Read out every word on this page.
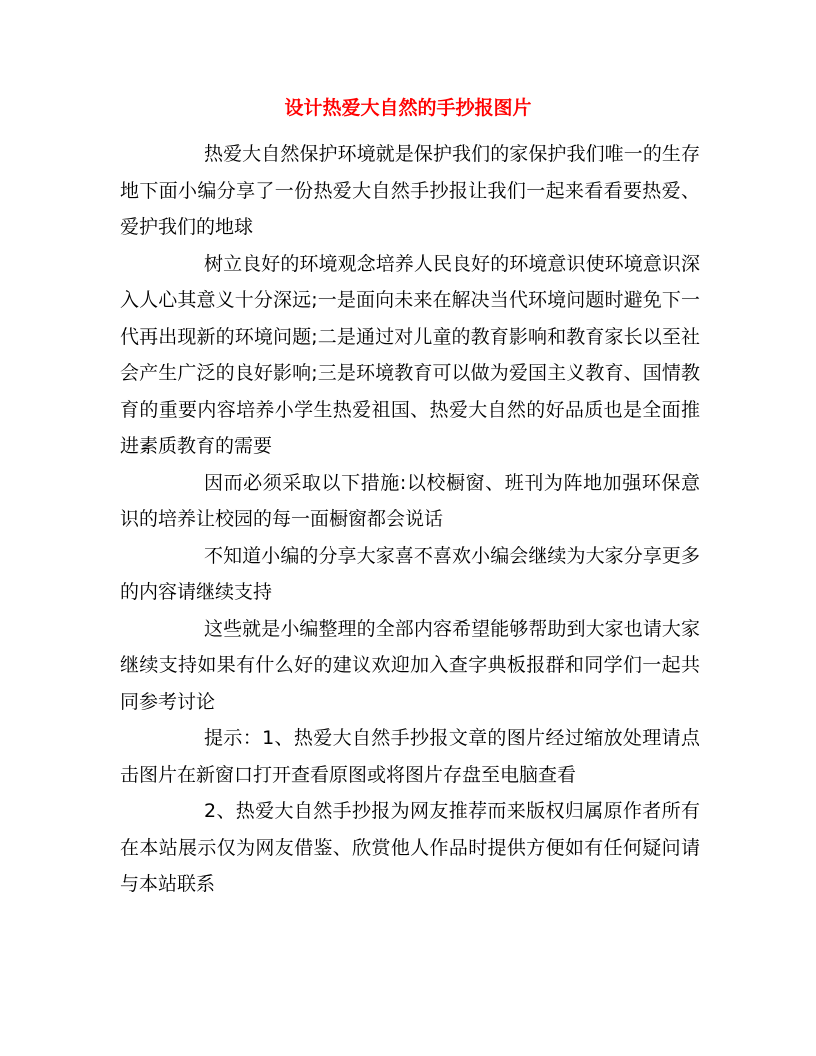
设计热爱大自然的手抄报图片

热爱大自然保护环境就是保护我们的家保护我们唯一的生存地下面小编分享了一份热爱大自然手抄报让我们一起来看看要热爱、爱护我们的地球

树立良好的环境观念培养人民良好的环境意识使环境意识深入人心其意义十分深远;一是面向未来在解决当代环境问题时避免下一代再出现新的环境问题;二是通过对儿童的教育影响和教育家长以至社会产生广泛的良好影响;三是环境教育可以做为爱国主义教育、国情教育的重要内容培养小学生热爱祖国、热爱大自然的好品质也是全面推进素质教育的需要

因而必须采取以下措施:以校橱窗、班刊为阵地加强环保意识的培养让校园的每一面橱窗都会说话

不知道小编的分享大家喜不喜欢小编会继续为大家分享更多的内容请继续支持

这些就是小编整理的全部内容希望能够帮助到大家也请大家继续支持如果有什么好的建议欢迎加入查字典板报群和同学们一起共同参考讨论

提示：1、热爱大自然手抄报文章的图片经过缩放处理请点击图片在新窗口打开查看原图或将图片存盘至电脑查看

2、热爱大自然手抄报为网友推荐而来版权归属原作者所有在本站展示仅为网友借鉴、欣赏他人作品时提供方便如有任何疑问请与本站联系
